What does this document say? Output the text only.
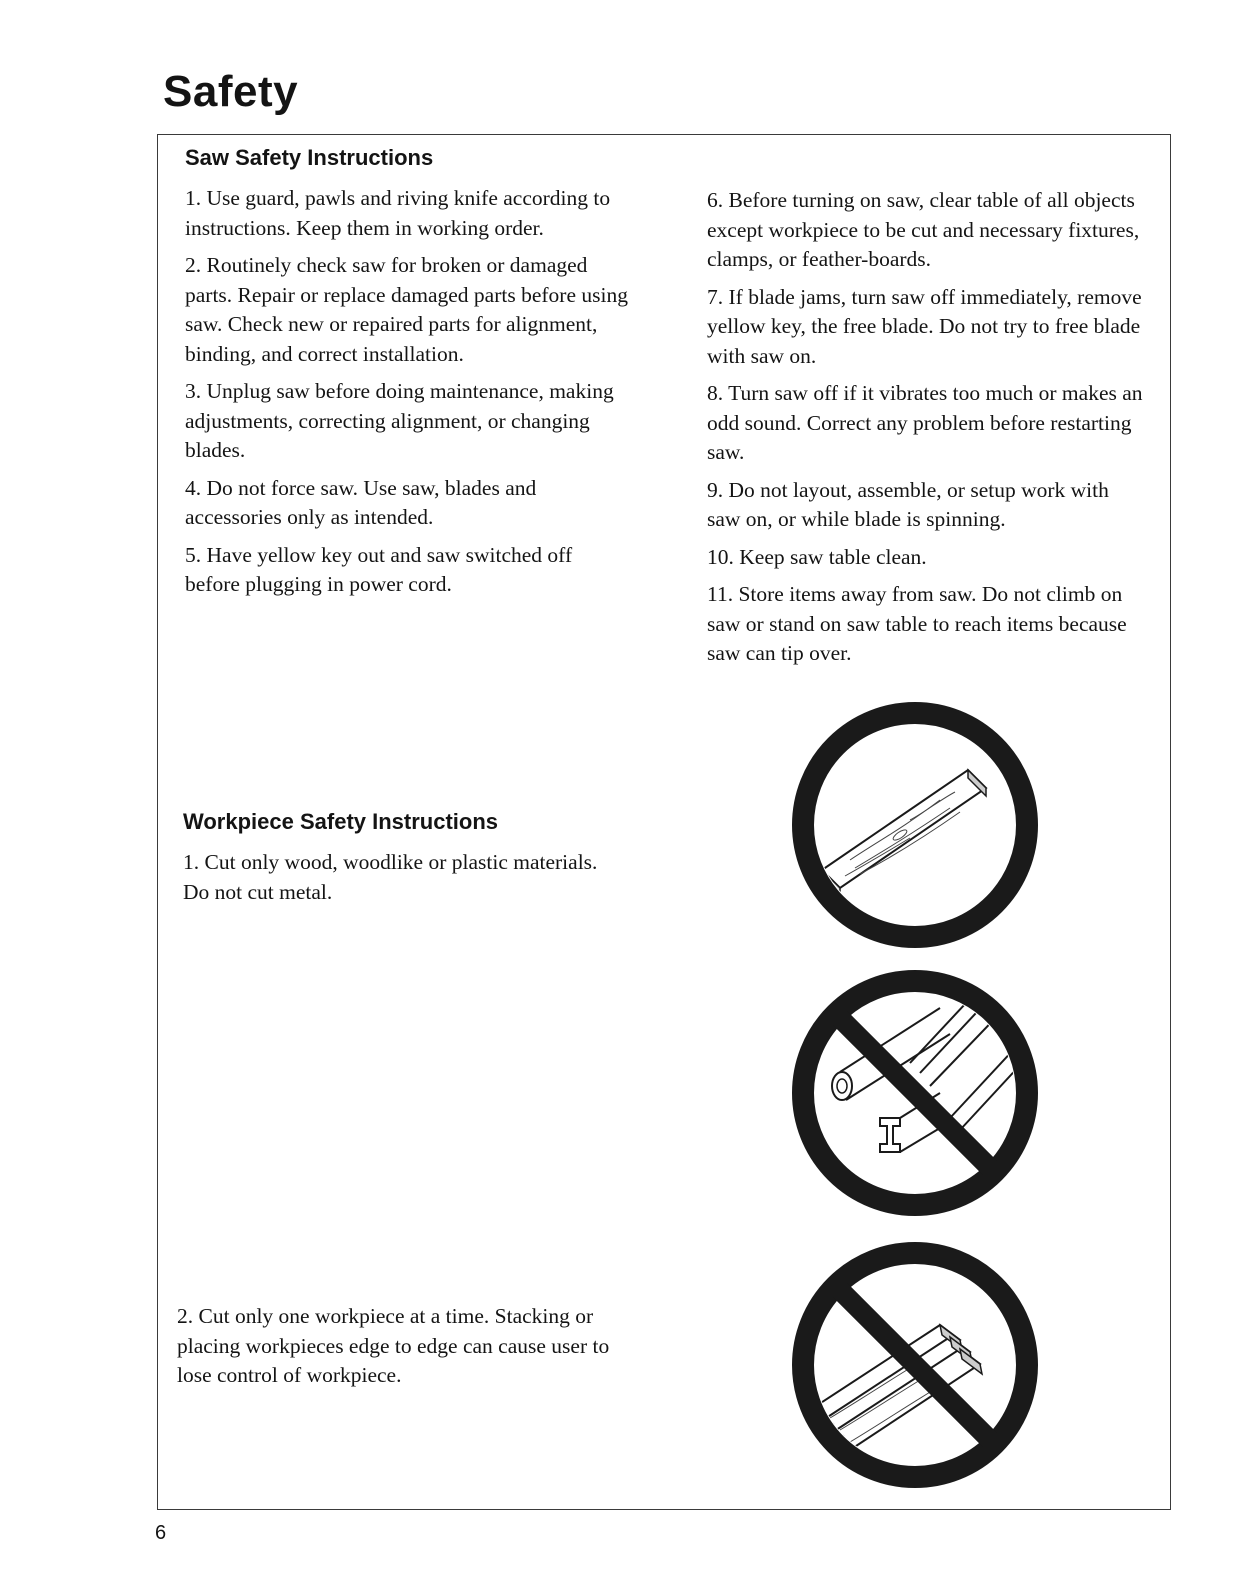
Safety
Saw Safety Instructions

1. Use guard, pawls and riving knife according to instructions. Keep them in working order.

2. Routinely check saw for broken or damaged parts. Repair or replace damaged parts before using saw. Check new or repaired parts for alignment, binding, and correct installation.

3. Unplug saw before doing maintenance, making adjustments, correcting alignment, or changing blades.

4. Do not force saw. Use saw, blades and accessories only as intended.

5. Have yellow key out and saw switched off before plugging in power cord.

6. Before turning on saw, clear table of all objects except workpiece to be cut and necessary fixtures, clamps, or feather-boards.

7. If blade jams, turn saw off immediately, remove yellow key, the free blade. Do not try to free blade with saw on.

8. Turn saw off if it vibrates too much or makes an odd sound. Correct any problem before restarting saw.

9. Do not layout, assemble, or setup work with saw on, or while blade is spinning.

10. Keep saw table clean.

11. Store items away from saw. Do not climb on saw or stand on saw table to reach items because saw can tip over.

Workpiece Safety Instructions

1. Cut only wood, woodlike or plastic materials. Do not cut metal.

2. Cut only one workpiece at a time. Stacking or placing workpieces edge to edge can cause user to lose control of workpiece.

6
